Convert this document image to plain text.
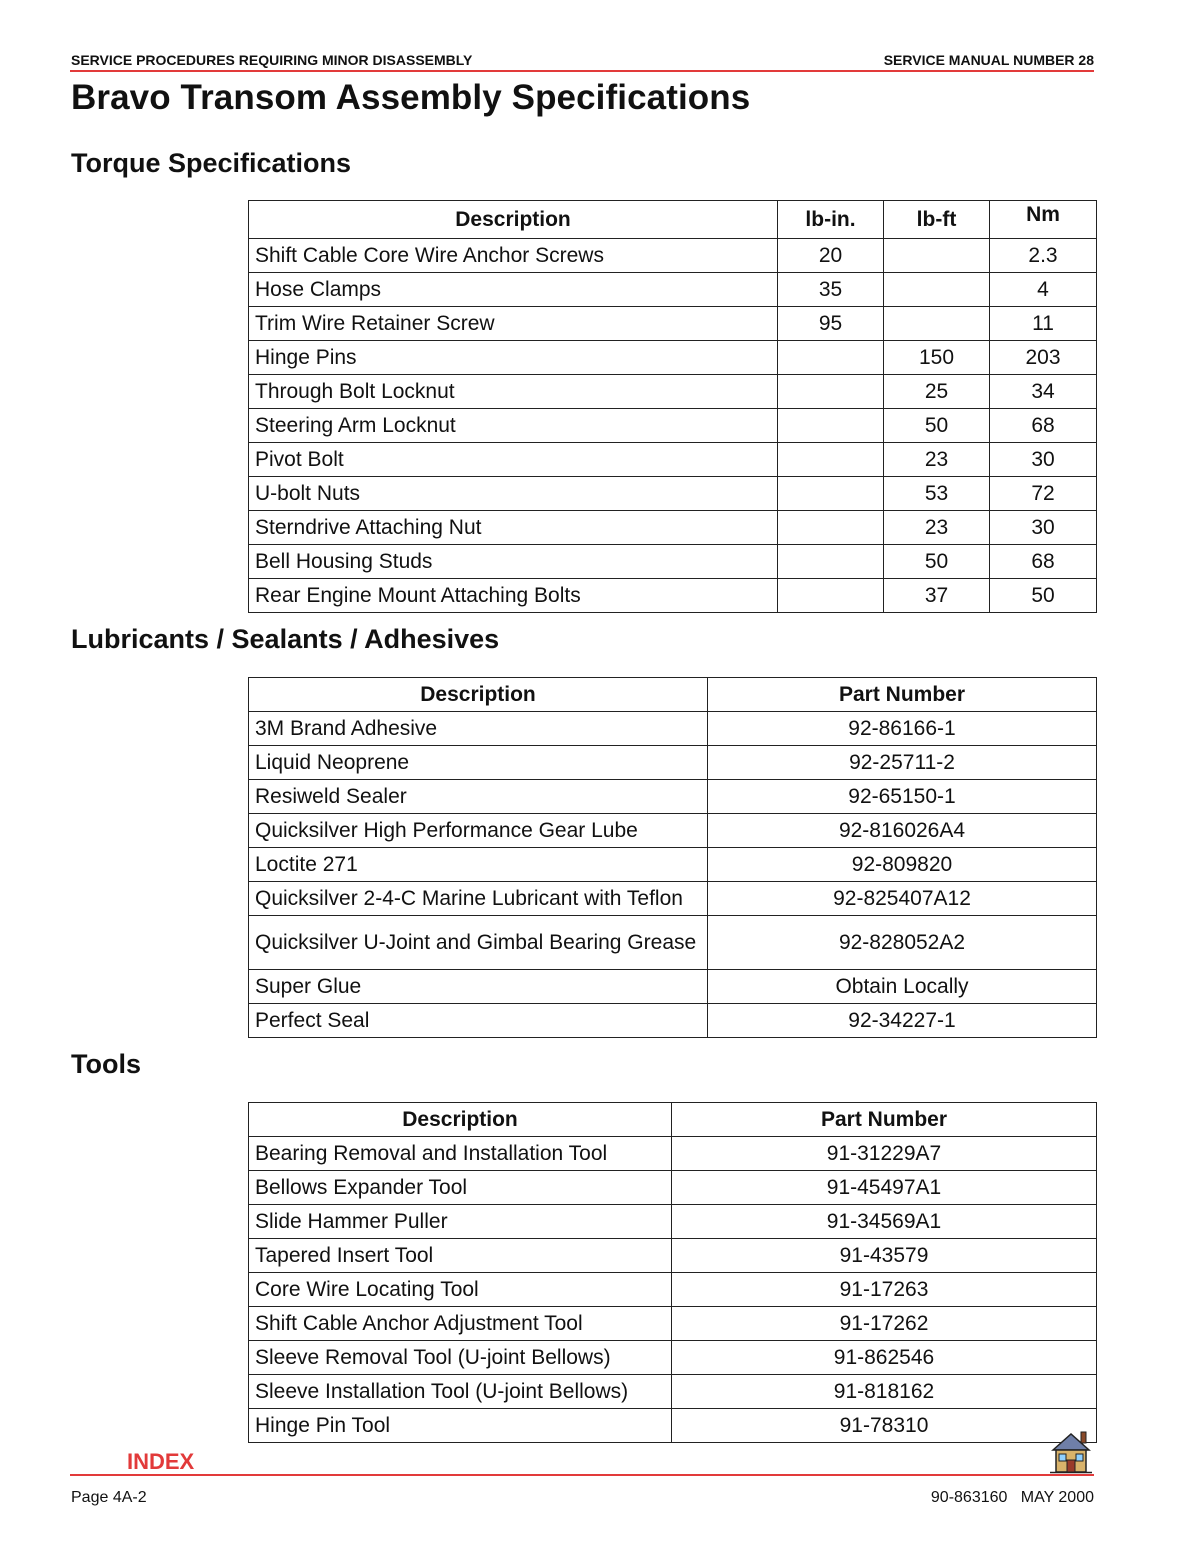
SERVICE PROCEDURES REQUIRING MINOR DISASSEMBLY	SERVICE MANUAL NUMBER 28
Bravo Transom Assembly Specifications
Torque Specifications
Description	lb-in.	lb-ft	Nm
Shift Cable Core Wire Anchor Screws	20		2.3
Hose Clamps	35		4
Trim Wire Retainer Screw	95		11
Hinge Pins		150	203
Through Bolt Locknut		25	34
Steering Arm Locknut		50	68
Pivot Bolt		23	30
U-bolt Nuts		53	72
Sterndrive Attaching Nut		23	30
Bell Housing Studs		50	68
Rear Engine Mount Attaching Bolts		37	50
Lubricants / Sealants / Adhesives
Description	Part Number
3M Brand Adhesive	92-86166-1
Liquid Neoprene	92-25711-2
Resiweld Sealer	92-65150-1
Quicksilver High Performance Gear Lube	92-816026A4
Loctite 271	92-809820
Quicksilver 2-4-C Marine Lubricant with Teflon	92-825407A12
Quicksilver U-Joint and Gimbal Bearing Grease	92-828052A2
Super Glue	Obtain Locally
Perfect Seal	92-34227-1
Tools
Description	Part Number
Bearing Removal and Installation Tool	91-31229A7
Bellows Expander Tool	91-45497A1
Slide Hammer Puller	91-34569A1
Tapered Insert Tool	91-43579
Core Wire Locating Tool	91-17263
Shift Cable Anchor Adjustment Tool	91-17262
Sleeve Removal Tool (U-joint Bellows)	91-862546
Sleeve Installation Tool (U-joint Bellows)	91-818162
Hinge Pin Tool	91-78310
INDEX
Page 4A-2	90-863160   MAY 2000
